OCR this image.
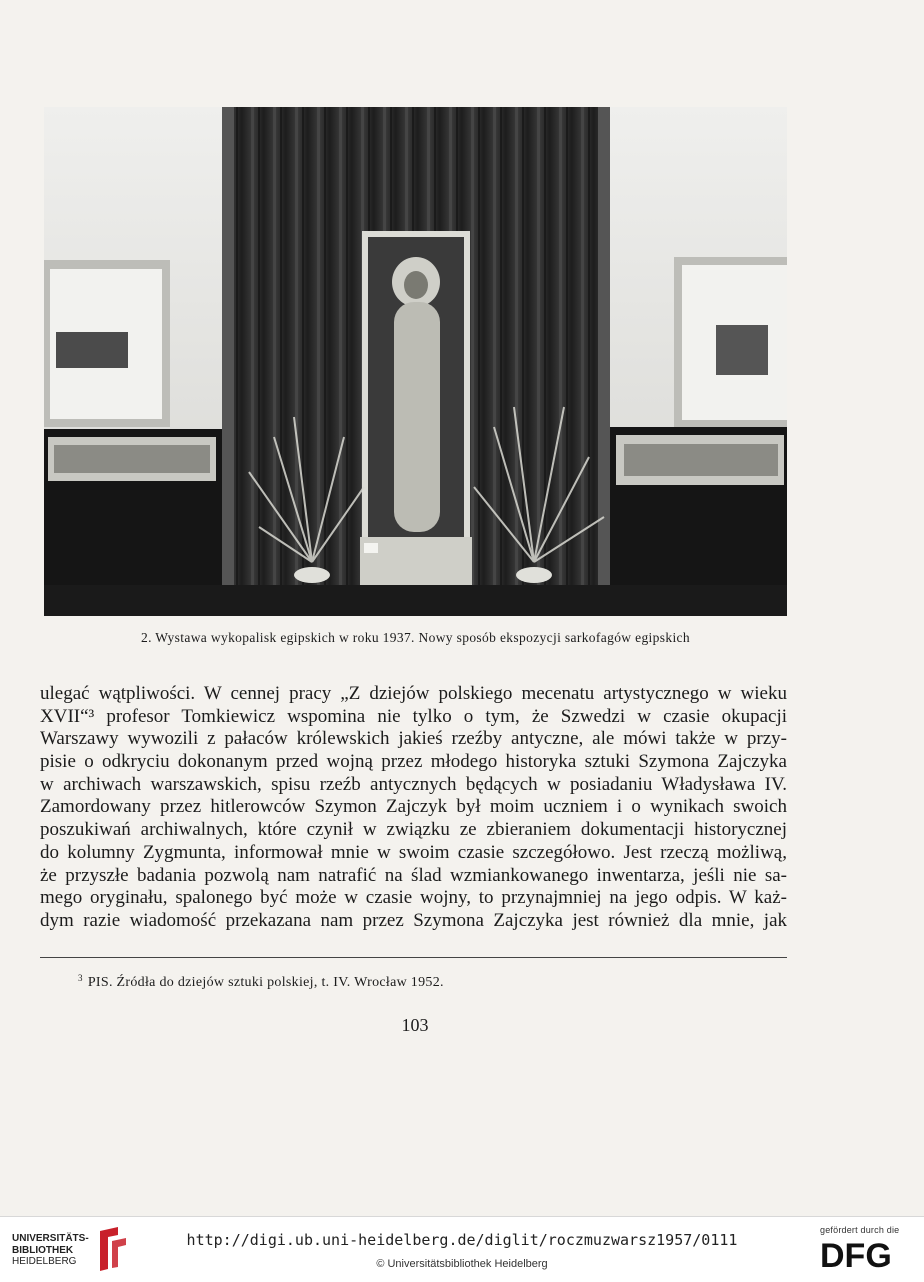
2. Wystawa wykopalisk egipskich w roku 1937. Nowy sposób ekspozycji sarkofagów egipskich
ulegać wątpliwości. W cennej pracy „Z dziejów polskiego mecenatu artystycznego w wieku
XVII“³ profesor Tomkiewicz wspomina nie tylko o tym, że Szwedzi w czasie okupacji
Warszawy wywozili z pałaców królewskich jakieś rzeźby antyczne, ale mówi także w przy-
pisie o odkryciu dokonanym przed wojną przez młodego historyka sztuki Szymona Zajczyka
w archiwach warszawskich, spisu rzeźb antycznych będących w posiadaniu Władysława IV.
Zamordowany przez hitlerowców Szymon Zajczyk był moim uczniem i o wynikach swoich
poszukiwań archiwalnych, które czynił w związku ze zbieraniem dokumentacji historycznej
do kolumny Zygmunta, informował mnie w swoim czasie szczegółowo. Jest rzeczą możliwą,
że przyszłe badania pozwolą nam natrafić na ślad wzmiankowanego inwentarza, jeśli nie sa-
mego oryginału, spalonego być może w czasie wojny, to przynajmniej na jego odpis. W każ-
dym razie wiadomość przekazana nam przez Szymona Zajczyka jest również dla mnie, jak
$^3$ PIS. Źródła do dziejów sztuki polskiej, t. IV. Wrocław 1952.
103
UNIVERSITÄTS-
BIBLIOTHEK
HEIDELBERG
http://digi.ub.uni-heidelberg.de/diglit/roczmuzwarsz1957/0111
© Universitätsbibliothek Heidelberg
gefördert durch die
DFG
